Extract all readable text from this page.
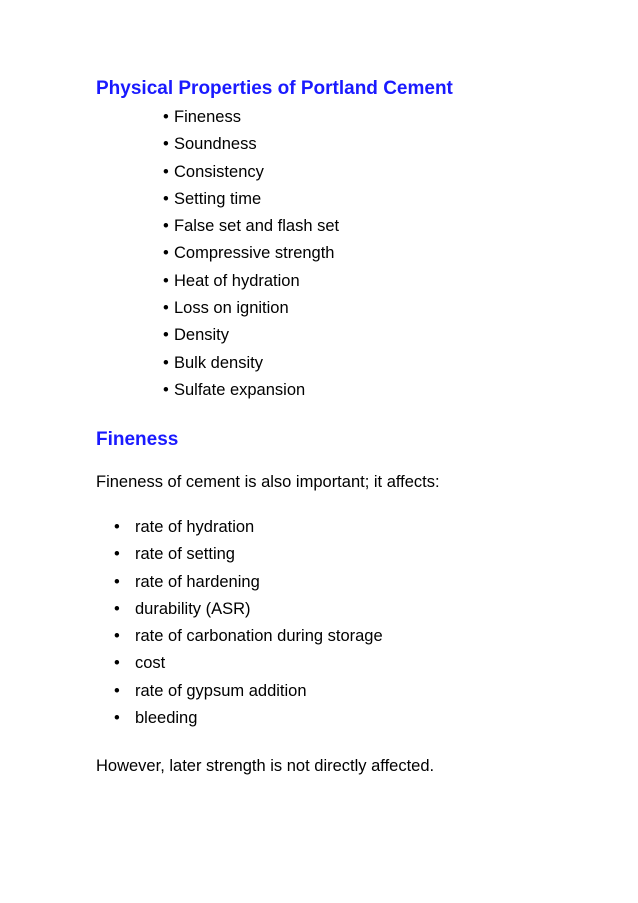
Physical Properties of Portland Cement
• Fineness
• Soundness
• Consistency
• Setting time
• False set and flash set
• Compressive strength
• Heat of hydration
• Loss on ignition
• Density
• Bulk density
• Sulfate expansion
Fineness

Fineness of cement is also important; it affects:

• rate of hydration
• rate of setting
• rate of hardening
• durability (ASR)
• rate of carbonation during storage
• cost
• rate of gypsum addition
• bleeding

However, later strength is not directly affected.
